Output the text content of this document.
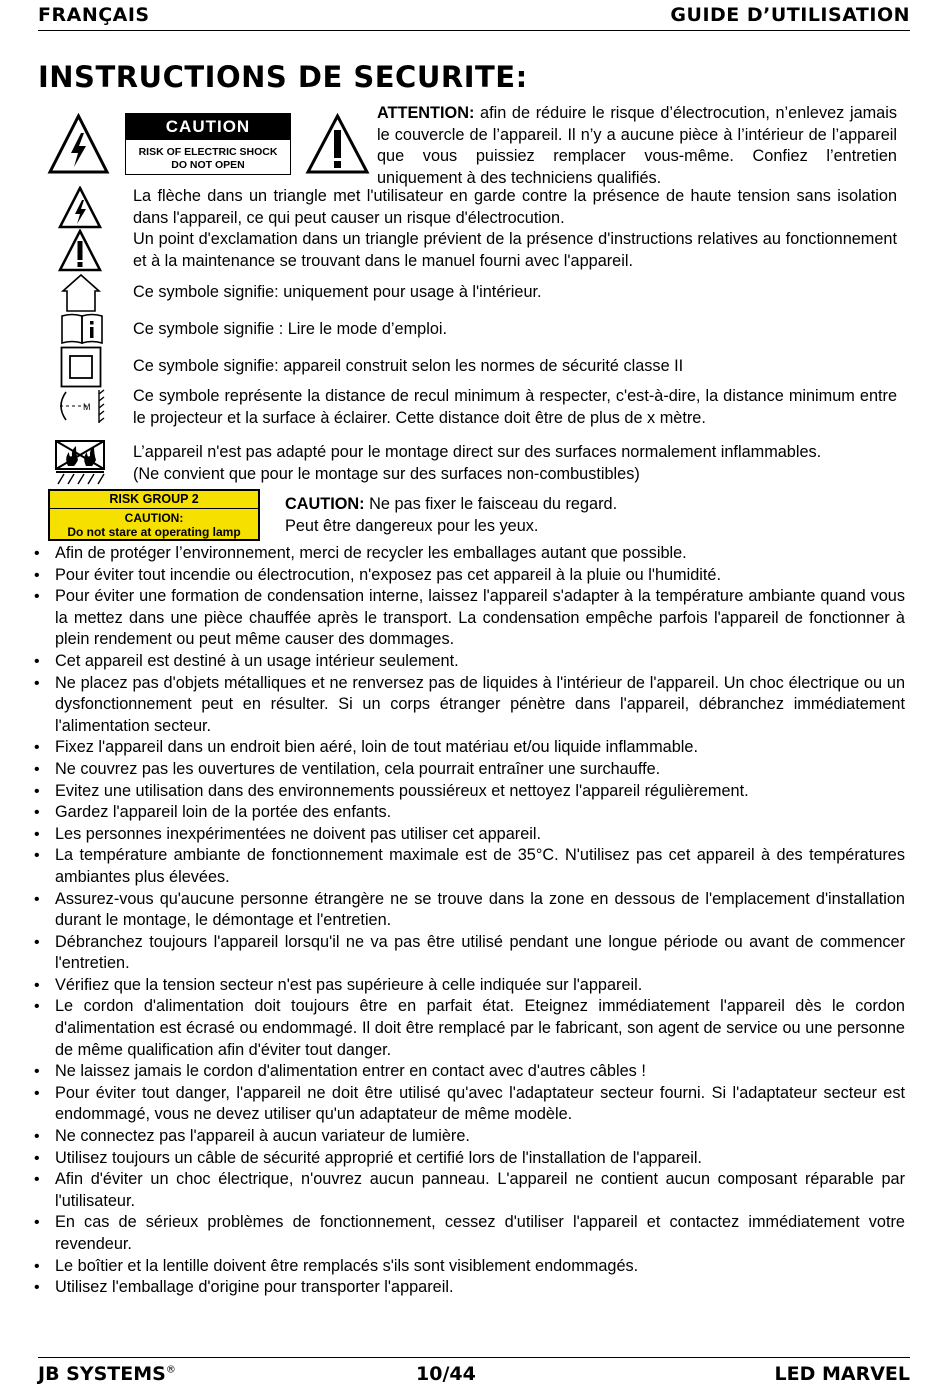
FRANÇAIS	GUIDE D’UTILISATION
INSTRUCTIONS DE SECURITE:
CAUTION
RISK OF ELECTRIC SHOCK
DO NOT OPEN

ATTENTION: afin de réduire le risque d’électrocution, n’enlevez jamais le couvercle de l’appareil. Il n’y a aucune pièce à l’intérieur de l’appareil que vous puissiez remplacer vous-même. Confiez l’entretien uniquement à des techniciens qualifiés.

La flèche dans un triangle met l'utilisateur en garde contre la présence de haute tension sans isolation dans l'appareil, ce qui peut causer un risque d'électrocution.

Un point d'exclamation dans un triangle prévient de la présence d'instructions relatives au fonctionnement et à la maintenance se trouvant dans le manuel fourni avec l'appareil.

Ce symbole signifie: uniquement pour usage à l'intérieur.

Ce symbole signifie : Lire le mode d’emploi.

Ce symbole signifie: appareil construit selon les normes de sécurité classe II

M

Ce symbole représente la distance de recul minimum à respecter, c'est-à-dire, la distance minimum entre le projecteur et la surface à éclairer. Cette distance doit être de plus de x mètre.

L’appareil n'est pas adapté pour le montage direct sur des surfaces normalement inflammables.
(Ne convient que pour le montage sur des surfaces non-combustibles)

RISK GROUP 2
CAUTION:
Do not stare at operating lamp

CAUTION: Ne pas fixer le faisceau du regard.
Peut être dangereux pour les yeux.

• Afin de protéger l’environnement, merci de recycler les emballages autant que possible.
• Pour éviter tout incendie ou électrocution, n'exposez pas cet appareil à la pluie ou l'humidité.
• Pour éviter une formation de condensation interne, laissez l'appareil s'adapter à la température ambiante quand vous la mettez dans une pièce chauffée après le transport. La condensation empêche parfois l'appareil de fonctionner à plein rendement ou peut même causer des dommages.
• Cet appareil est destiné à un usage intérieur seulement.
• Ne placez pas d'objets métalliques et ne renversez pas de liquides à l'intérieur de l'appareil. Un choc électrique ou un dysfonctionnement peut en résulter. Si un corps étranger pénètre dans l'appareil, débranchez immédiatement l'alimentation secteur.
• Fixez l'appareil dans un endroit bien aéré, loin de tout matériau et/ou liquide inflammable.
• Ne couvrez pas les ouvertures de ventilation, cela pourrait entraîner une surchauffe.
• Evitez une utilisation dans des environnements poussiéreux et nettoyez l'appareil régulièrement.
• Gardez l'appareil loin de la portée des enfants.
• Les personnes inexpérimentées ne doivent pas utiliser cet appareil.
• La température ambiante de fonctionnement maximale est de 35°C. N'utilisez pas cet appareil à des températures ambiantes plus élevées.
• Assurez-vous qu'aucune personne étrangère ne se trouve dans la zone en dessous de l'emplacement d'installation durant le montage, le démontage et l'entretien.
• Débranchez toujours l'appareil lorsqu'il ne va pas être utilisé pendant une longue période ou avant de commencer l'entretien.
• Vérifiez que la tension secteur n'est pas supérieure à celle indiquée sur l'appareil.
• Le cordon d'alimentation doit toujours être en parfait état. Eteignez immédiatement l'appareil dès le cordon d'alimentation est écrasé ou endommagé. Il doit être remplacé par le fabricant, son agent de service ou une personne de même qualification afin d'éviter tout danger.
• Ne laissez jamais le cordon d'alimentation entrer en contact avec d'autres câbles !
• Pour éviter tout danger, l'appareil ne doit être utilisé qu'avec l'adaptateur secteur fourni. Si l'adaptateur secteur est endommagé, vous ne devez utiliser qu'un adaptateur de même modèle.
• Ne connectez pas l'appareil à aucun variateur de lumière.
• Utilisez toujours un câble de sécurité approprié et certifié lors de l'installation de l'appareil.
• Afin d'éviter un choc électrique, n'ouvrez aucun panneau. L'appareil ne contient aucun composant réparable par l'utilisateur.
• En cas de sérieux problèmes de fonctionnement, cessez d'utiliser l'appareil et contactez immédiatement votre revendeur.
• Le boîtier et la lentille doivent être remplacés s'ils sont visiblement endommagés.
• Utilisez l'emballage d'origine pour transporter l'appareil.
JB SYSTEMS®	10/44	LED MARVEL
